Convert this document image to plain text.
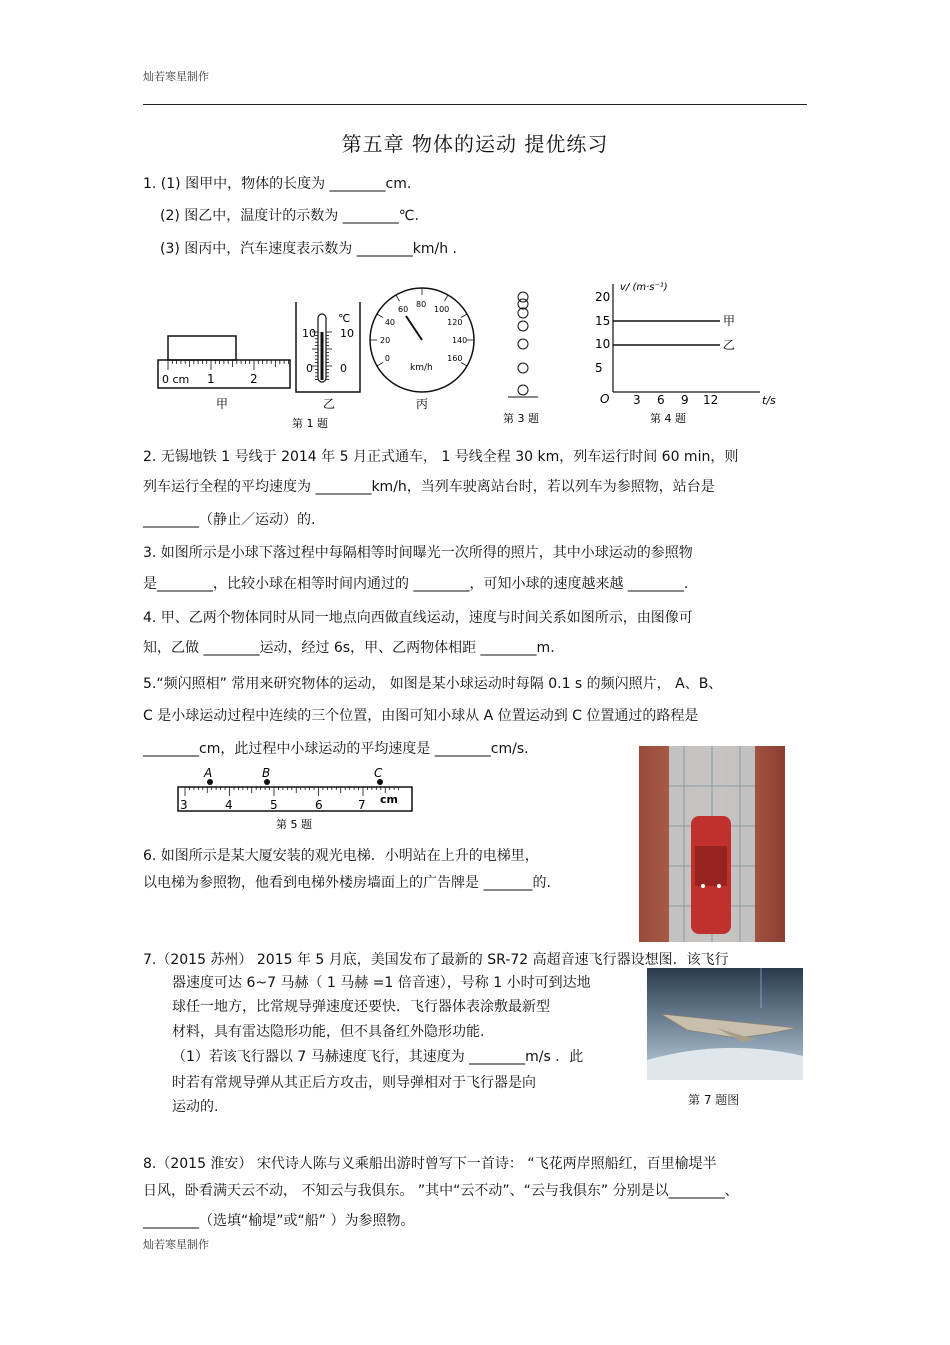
灿若寒星制作
第五章 物体的运动 提优练习
1. (1) 图甲中，物体的长度为 ________cm.
(2) 图乙中，温度计的示数为 ________℃.
(3) 图丙中，汽车速度表示数为 ________km/h .
0 cm 1	2
甲
℃
10
0
10
0
乙
第 1 题
0
20
40
60
80
100
120
140
160
km/h
丙
第 3 题
v/ (m·s⁻¹)
t/s
O
5
10
15
20
3 6 9 12
甲
乙
第 4 题
2. 无锡地铁 1 号线于 2014 年 5 月正式通车， 1 号线全程 30 km，列车运行时间 60 min，则
列车运行全程的平均速度为 ________km/h，当列车驶离站台时，若以列车为参照物，站台是
________（静止／运动）的.
3. 如图所示是小球下落过程中每隔相等时间曝光一次所得的照片，其中小球运动的参照物
是________，比较小球在相等时间内通过的 ________，可知小球的速度越来越 ________.
4. 甲、乙两个物体同时从同一地点向西做直线运动，速度与时间关系如图所示，由图像可
知，乙做 ________运动，经过 6s，甲、乙两物体相距 ________m.
5.“频闪照相” 常用来研究物体的运动， 如图是某小球运动时每隔 0.1 s 的频闪照片， A、B、
C 是小球运动过程中连续的三个位置，由图可知小球从 A 位置运动到 C 位置通过的路程是
________cm，此过程中小球运动的平均速度是 ________cm/s.
A	B	C
3	4	5	6	7 cm
第 5 题
6. 如图所示是某大厦安装的观光电梯．小明站在上升的电梯里，
以电梯为参照物，他看到电梯外楼房墙面上的广告牌是 _______的.
7.（2015 苏州） 2015 年 5 月底，美国发布了最新的 SR-72 高超音速飞行器设想图．该飞行
器速度可达 6~7 马赫（ 1 马赫 =1 倍音速），号称 1 小时可到达地
球任一地方，比常规导弹速度还要快．飞行器体表涂敷最新型
材料，具有雷达隐形功能，但不具备红外隐形功能.
（1）若该飞行器以 7 马赫速度飞行，其速度为 ________m/s ．此
时若有常规导弹从其正后方攻击，则导弹相对于飞行器是向
运动的.	第 7 题图
8.（2015 淮安） 宋代诗人陈与义乘船出游时曾写下一首诗： “飞花两岸照船红，百里榆堤半
日风，卧看满天云不动， 不知云与我俱东。 ”其中“云不动”、“云与我俱东” 分别是以________、
________（选填“榆堤”或“船” ）为参照物。
灿若寒星制作
